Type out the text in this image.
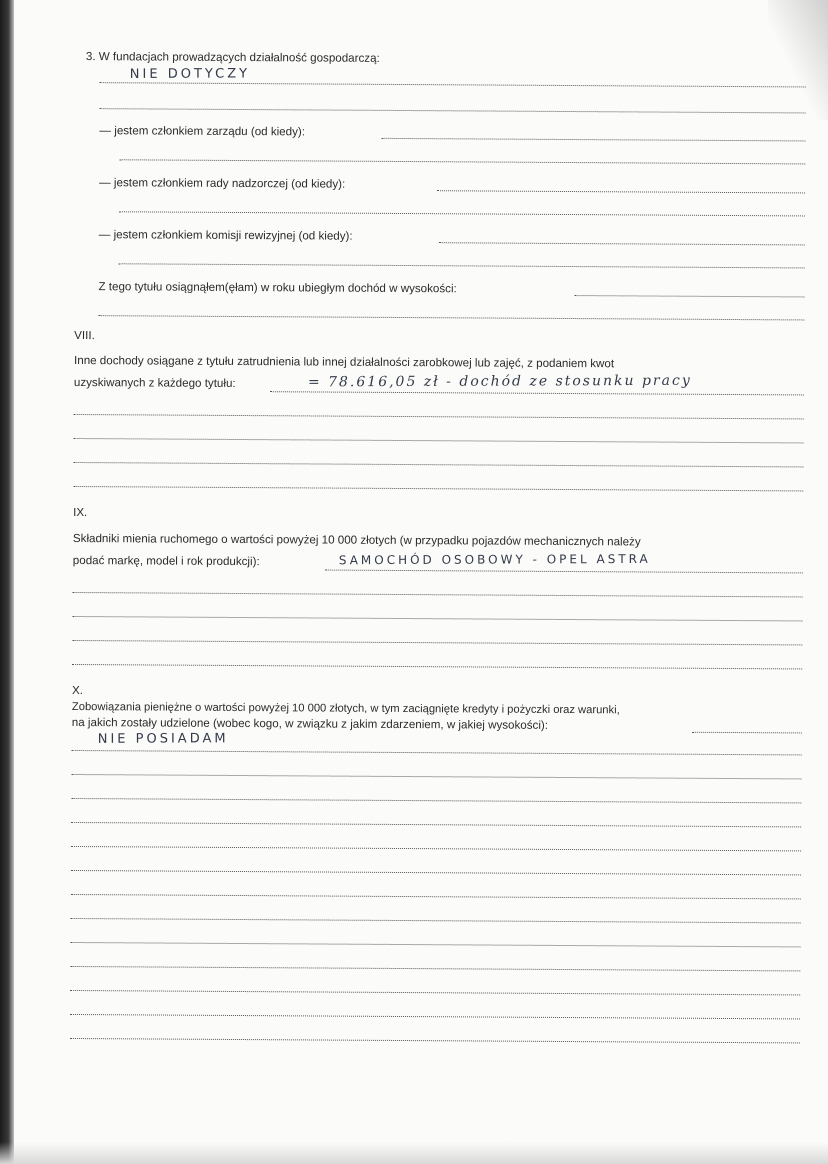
3. W fundacjach prowadzących działalność gospodarczą:
NIE DOTYCZY
— jestem członkiem zarządu (od kiedy):
— jestem członkiem rady nadzorczej (od kiedy):
— jestem członkiem komisji rewizyjnej (od kiedy):
Z tego tytułu osiągnąłem(ęłam) w roku ubiegłym dochód w wysokości:
VIII.
Inne dochody osiągane z tytułu zatrudnienia lub innej działalności zarobkowej lub zajęć, z podaniem kwot
uzyskiwanych z każdego tytułu:	= 78.616,05 zł - dochód ze stosunku pracy
IX.
Składniki mienia ruchomego o wartości powyżej 10 000 złotych (w przypadku pojazdów mechanicznych należy
podać markę, model i rok produkcji):	SAMOCHÓD OSOBOWY - OPEL ASTRA
X.
Zobowiązania pieniężne o wartości powyżej 10 000 złotych, w tym zaciągnięte kredyty i pożyczki oraz warunki,
na jakich zostały udzielone (wobec kogo, w związku z jakim zdarzeniem, w jakiej wysokości):
NIE POSIADAM
